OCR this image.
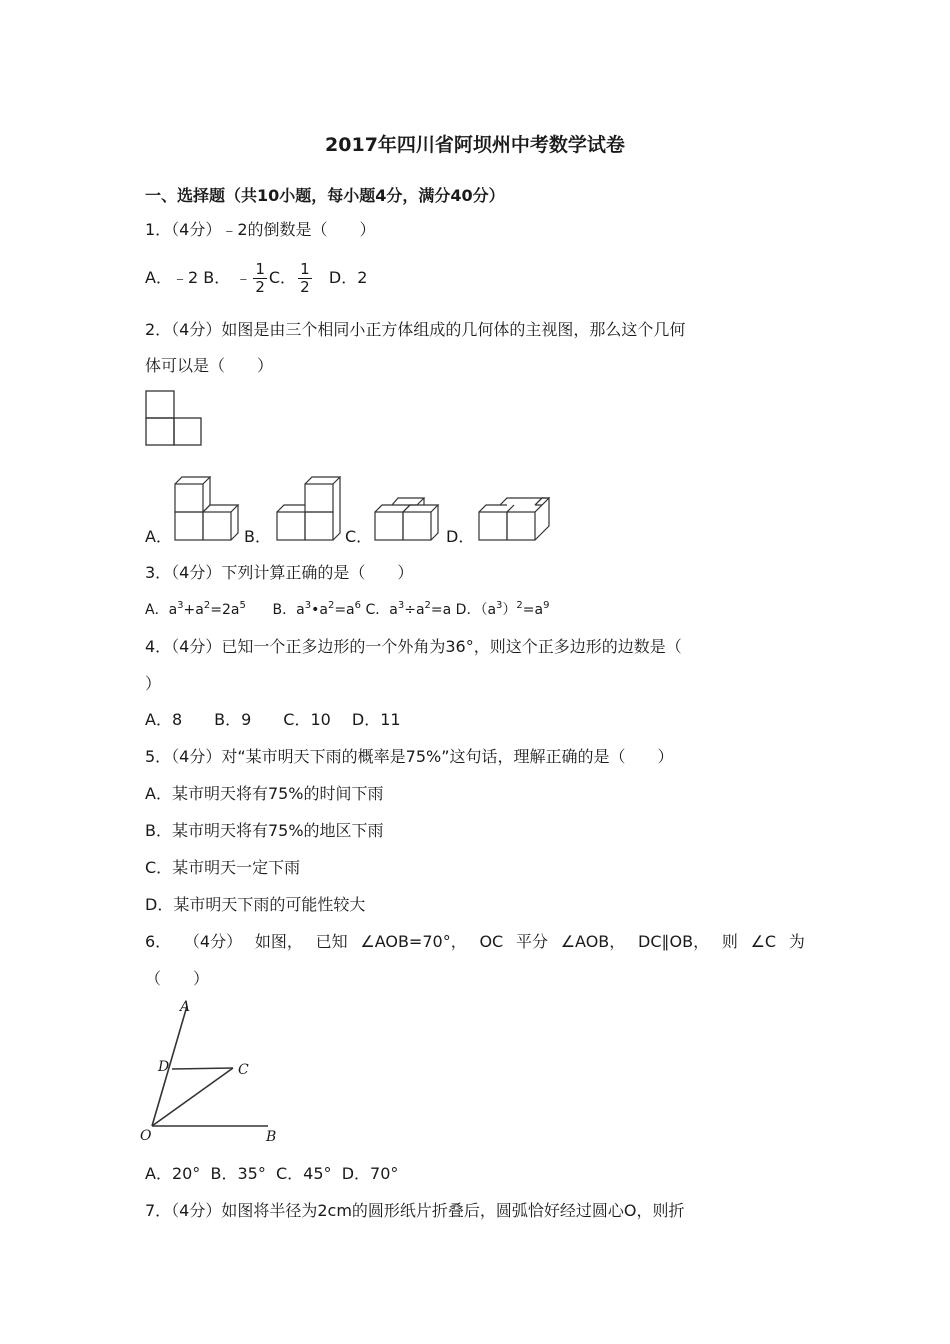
2017年四川省阿坝州中考数学试卷
一、选择题（共10小题，每小题4分，满分40分）
1．（4分）﹣2的倒数是（　　）
A．﹣2 B． ﹣ $\frac{1}{2}$ C． $\frac{1}{2}$ D．2
2．（4分）如图是由三个相同小正方体组成的几何体的主视图，那么这个几何
体可以是（　　）
A．	B．	C．	D．
3．（4分）下列计算正确的是（　　）
A．$a^3+a^2=2a^5$ B．$a^3•a^2=a^6$ C．$a^3\div a^2=a$ D．$(a^3)^2=a^9$
4．（4分）已知一个正多边形的一个外角为36°，则这个正多边形的边数是（
）
A．8　　B．9　　C．10　 D．11
5．（4分）对“某市明天下雨的概率是75%”这句话，理解正确的是（　　）
A．某市明天将有75%的时间下雨
B．某市明天将有75%的地区下雨
C．某市明天一定下雨
D．某市明天下雨的可能性较大
6． （4分） 如图， 已知 ∠AOB=70°， OC 平分 ∠AOB， DC∥OB， 则 ∠C 为
（　　）
A
D	C
O	B
A．20°  B．35°  C．45°  D．70°
7．（4分）如图将半径为2cm的圆形纸片折叠后，圆弧恰好经过圆心O，则折
